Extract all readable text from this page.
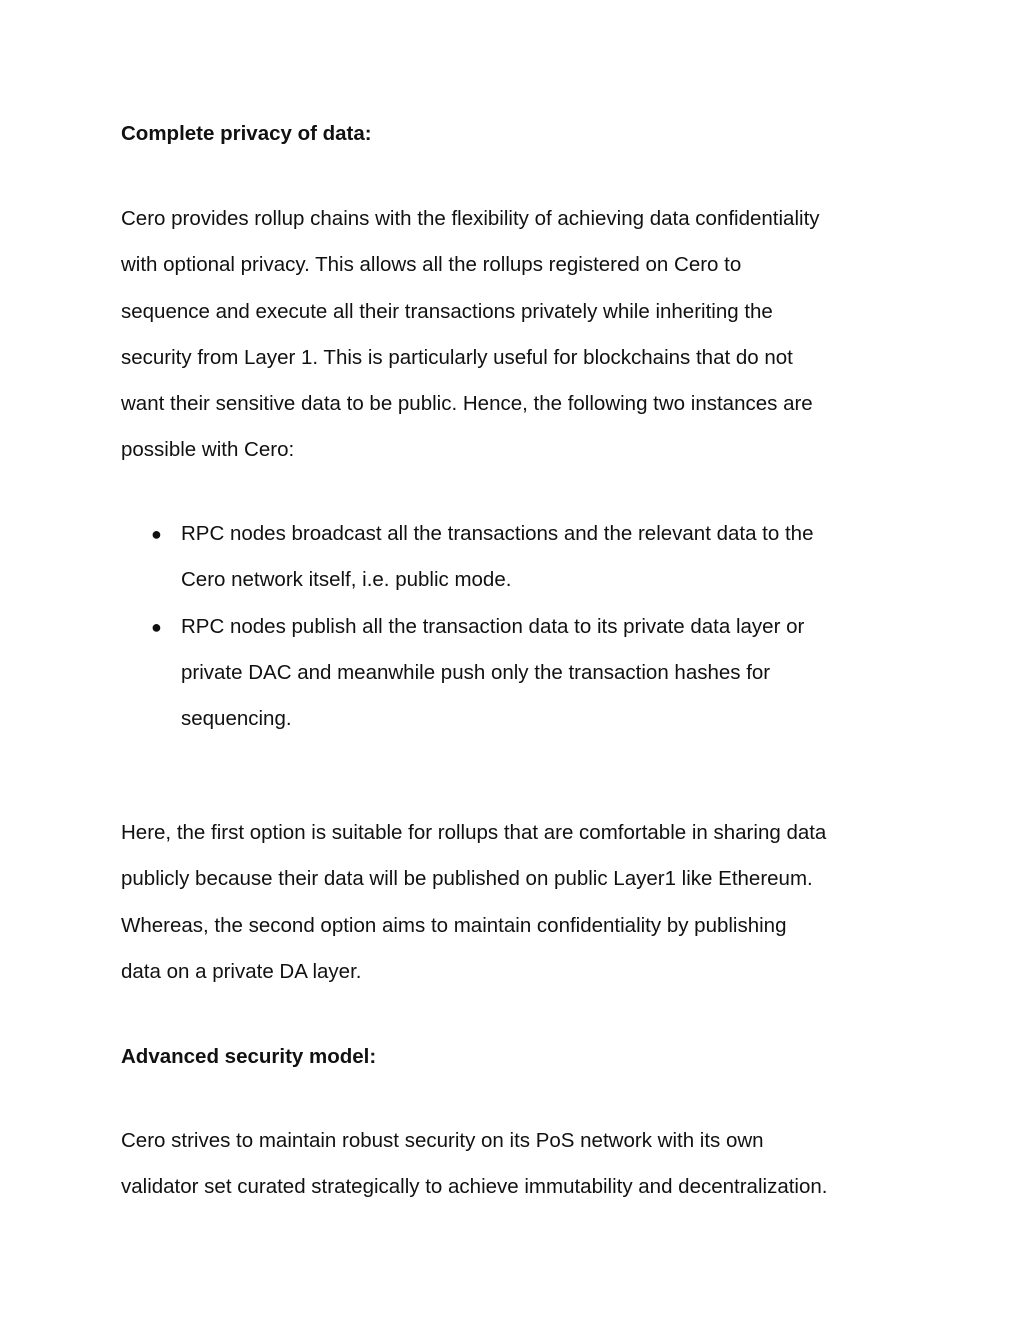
Complete privacy of data:
Cero provides rollup chains with the flexibility of achieving data confidentiality
with optional privacy. This allows all the rollups registered on Cero to
sequence and execute all their transactions privately while inheriting the
security from Layer 1. This is particularly useful for blockchains that do not
want their sensitive data to be public. Hence, the following two instances are
possible with Cero:
● RPC nodes broadcast all the transactions and the relevant data to the
Cero network itself, i.e. public mode.
● RPC nodes publish all the transaction data to its private data layer or
private DAC and meanwhile push only the transaction hashes for
sequencing.
Here, the first option is suitable for rollups that are comfortable in sharing data
publicly because their data will be published on public Layer1 like Ethereum.
Whereas, the second option aims to maintain confidentiality by publishing
data on a private DA layer.
Advanced security model:
Cero strives to maintain robust security on its PoS network with its own
validator set curated strategically to achieve immutability and decentralization.
